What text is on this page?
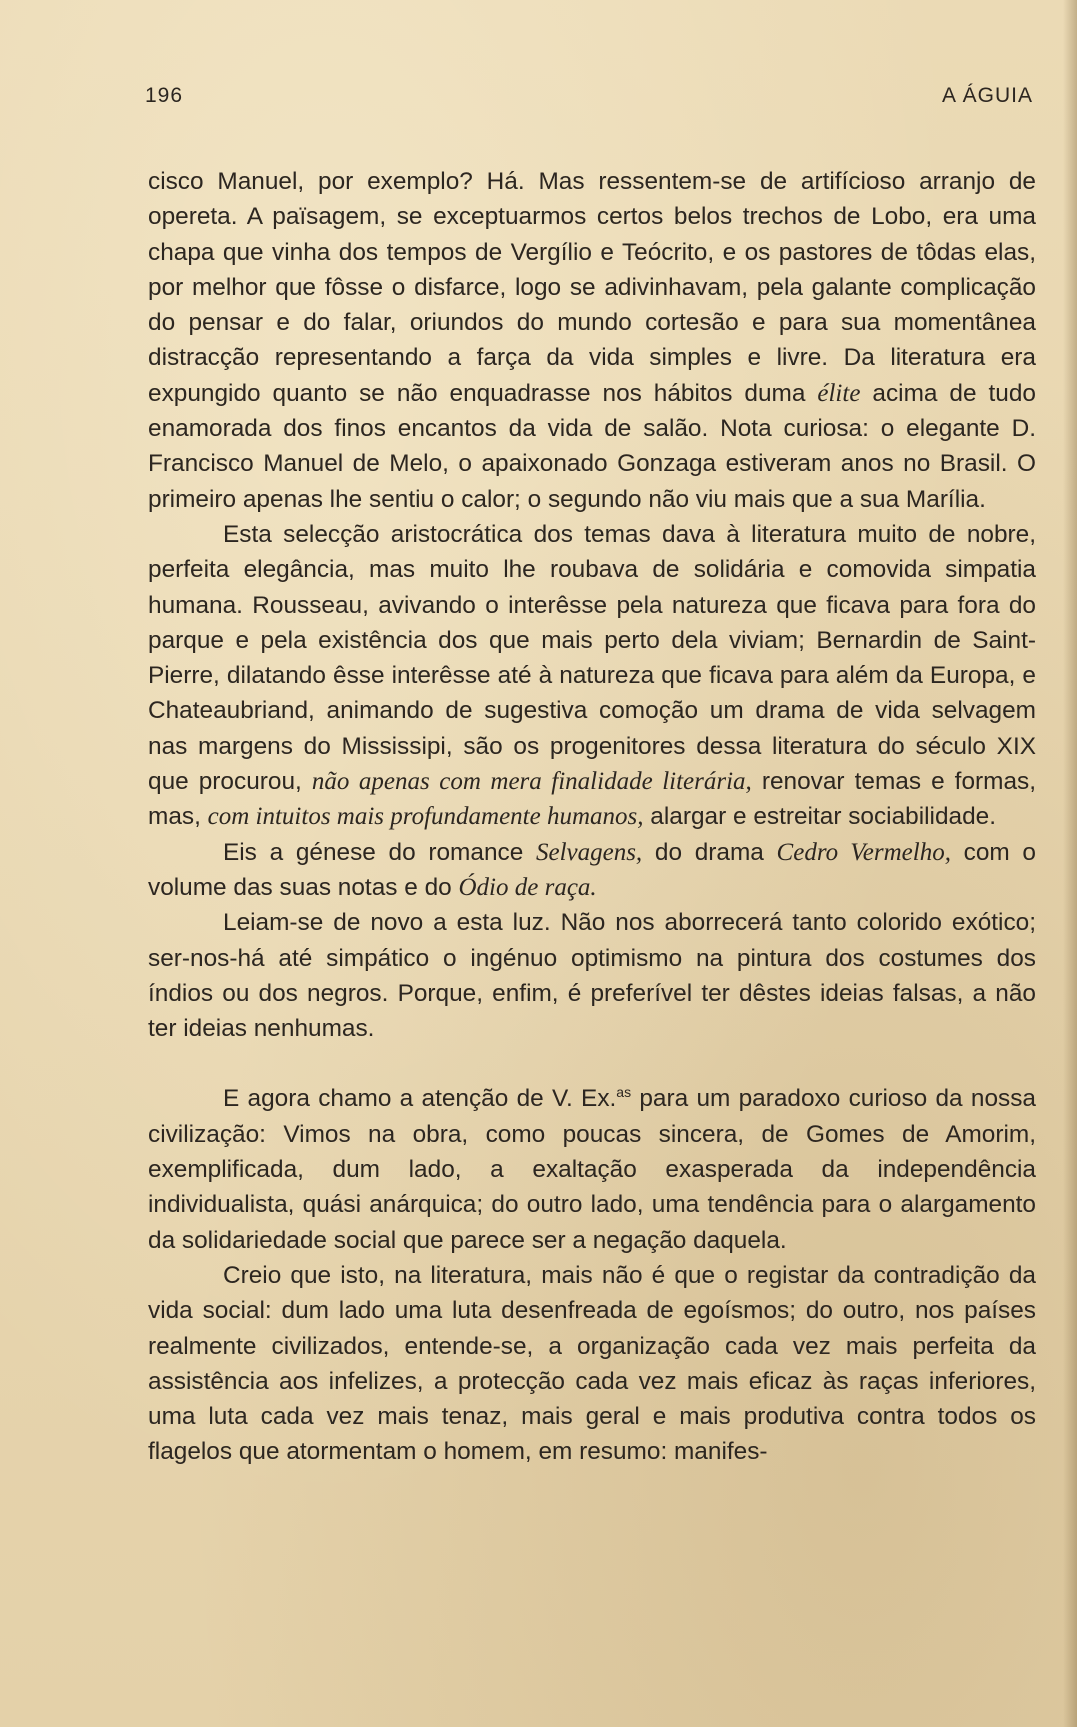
196	A ÁGUIA

cisco Manuel, por exemplo? Há. Mas ressentem-se de artifícioso arranjo de opereta. A païsagem, se exceptuarmos certos belos trechos de Lobo, era uma chapa que vinha dos tempos de Vergílio e Teócrito, e os pastores de tôdas elas, por melhor que fôsse o disfarce, logo se adivinhavam, pela galante complicação do pensar e do falar, oriundos do mundo cortesão e para sua momentânea distracção representando a farça da vida simples e livre. Da literatura era expungido quanto se não enquadrasse nos hábitos duma élite acima de tudo enamorada dos finos encantos da vida de salão. Nota curiosa: o elegante D. Francisco Manuel de Melo, o apaixonado Gonzaga estiveram anos no Brasil. O primeiro apenas lhe sentiu o calor; o segundo não viu mais que a sua Marília.

Esta selecção aristocrática dos temas dava à literatura muito de nobre, perfeita elegância, mas muito lhe roubava de solidária e comovida simpatia humana. Rousseau, avivando o interêsse pela natureza que ficava para fora do parque e pela existência dos que mais perto dela viviam; Bernardin de Saint-Pierre, dilatando êsse interêsse até à natureza que ficava para além da Europa, e Chateaubriand, animando de sugestiva comoção um drama de vida selvagem nas margens do Mississipi, são os progenitores dessa literatura do século XIX que procurou, não apenas com mera finalidade literária, renovar temas e formas, mas, com intuitos mais profundamente humanos, alargar e estreitar sociabilidade.

Eis a génese do romance Selvagens, do drama Cedro Vermelho, com o volume das suas notas e do Ódio de raça.

Leiam-se de novo a esta luz. Não nos aborrecerá tanto colorido exótico; ser-nos-há até simpático o ingénuo optimismo na pintura dos costumes dos índios ou dos negros. Porque, enfim, é preferível ter dêstes ideias falsas, a não ter ideias nenhumas.

E agora chamo a atenção de V. Ex.$^{as}$ para um paradoxo curioso da nossa civilização: Vimos na obra, como poucas sincera, de Gomes de Amorim, exemplificada, dum lado, a exaltação exasperada da independência individualista, quási anárquica; do outro lado, uma tendência para o alargamento da solidariedade social que parece ser a negação daquela.

Creio que isto, na literatura, mais não é que o registar da contradição da vida social: dum lado uma luta desenfreada de egoísmos; do outro, nos países realmente civilizados, entende-se, a organização cada vez mais perfeita da assistência aos infelizes, a protecção cada vez mais eficaz às raças inferiores, uma luta cada vez mais tenaz, mais geral e mais produtiva contra todos os flagelos que atormentam o homem, em resumo: manifes-
